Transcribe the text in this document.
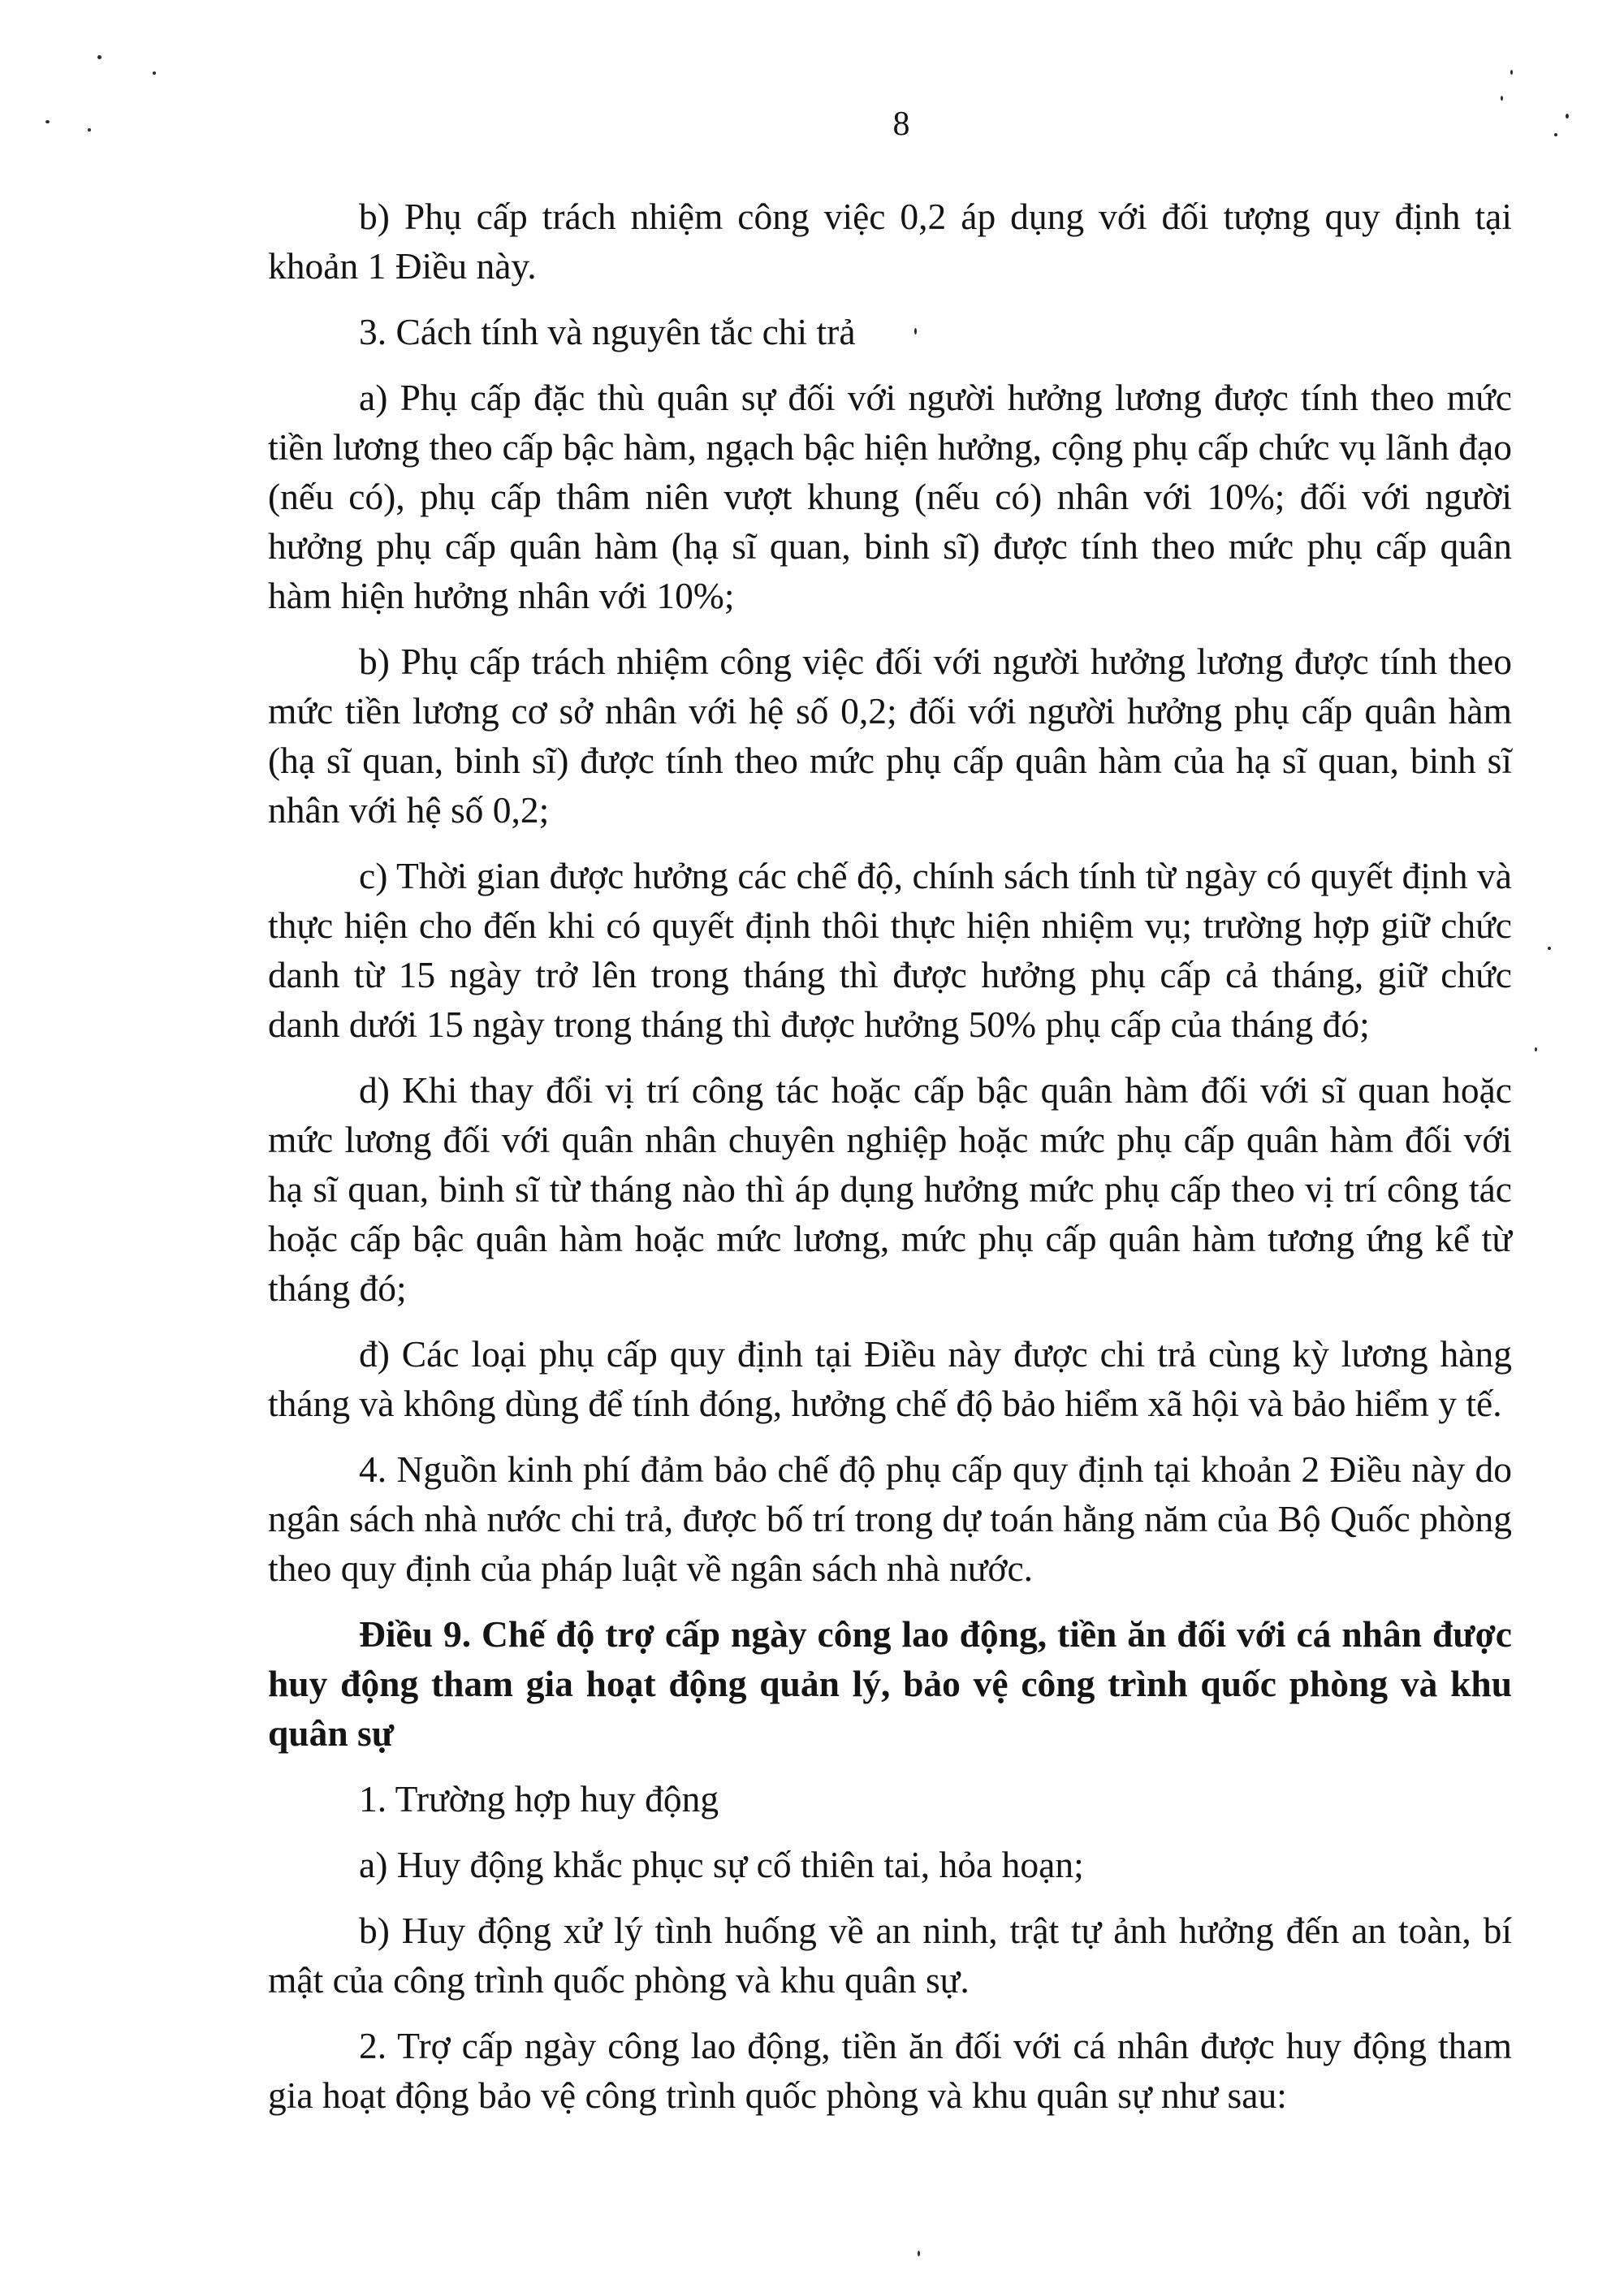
8

b) Phụ cấp trách nhiệm công việc 0,2 áp dụng với đối tượng quy định tại khoản 1 Điều này.

3. Cách tính và nguyên tắc chi trả

a) Phụ cấp đặc thù quân sự đối với người hưởng lương được tính theo mức tiền lương theo cấp bậc hàm, ngạch bậc hiện hưởng, cộng phụ cấp chức vụ lãnh đạo (nếu có), phụ cấp thâm niên vượt khung (nếu có) nhân với 10%; đối với người hưởng phụ cấp quân hàm (hạ sĩ quan, binh sĩ) được tính theo mức phụ cấp quân hàm hiện hưởng nhân với 10%;

b) Phụ cấp trách nhiệm công việc đối với người hưởng lương được tính theo mức tiền lương cơ sở nhân với hệ số 0,2; đối với người hưởng phụ cấp quân hàm (hạ sĩ quan, binh sĩ) được tính theo mức phụ cấp quân hàm của hạ sĩ quan, binh sĩ nhân với hệ số 0,2;

c) Thời gian được hưởng các chế độ, chính sách tính từ ngày có quyết định và thực hiện cho đến khi có quyết định thôi thực hiện nhiệm vụ; trường hợp giữ chức danh từ 15 ngày trở lên trong tháng thì được hưởng phụ cấp cả tháng, giữ chức danh dưới 15 ngày trong tháng thì được hưởng 50% phụ cấp của tháng đó;

d) Khi thay đổi vị trí công tác hoặc cấp bậc quân hàm đối với sĩ quan hoặc mức lương đối với quân nhân chuyên nghiệp hoặc mức phụ cấp quân hàm đối với hạ sĩ quan, binh sĩ từ tháng nào thì áp dụng hưởng mức phụ cấp theo vị trí công tác hoặc cấp bậc quân hàm hoặc mức lương, mức phụ cấp quân hàm tương ứng kể từ tháng đó;

đ) Các loại phụ cấp quy định tại Điều này được chi trả cùng kỳ lương hàng tháng và không dùng để tính đóng, hưởng chế độ bảo hiểm xã hội và bảo hiểm y tế.

4. Nguồn kinh phí đảm bảo chế độ phụ cấp quy định tại khoản 2 Điều này do ngân sách nhà nước chi trả, được bố trí trong dự toán hằng năm của Bộ Quốc phòng theo quy định của pháp luật về ngân sách nhà nước.

Điều 9. Chế độ trợ cấp ngày công lao động, tiền ăn đối với cá nhân được huy động tham gia hoạt động quản lý, bảo vệ công trình quốc phòng và khu quân sự

1. Trường hợp huy động

a) Huy động khắc phục sự cố thiên tai, hỏa hoạn;

b) Huy động xử lý tình huống về an ninh, trật tự ảnh hưởng đến an toàn, bí mật của công trình quốc phòng và khu quân sự.

2. Trợ cấp ngày công lao động, tiền ăn đối với cá nhân được huy động tham gia hoạt động bảo vệ công trình quốc phòng và khu quân sự như sau:
